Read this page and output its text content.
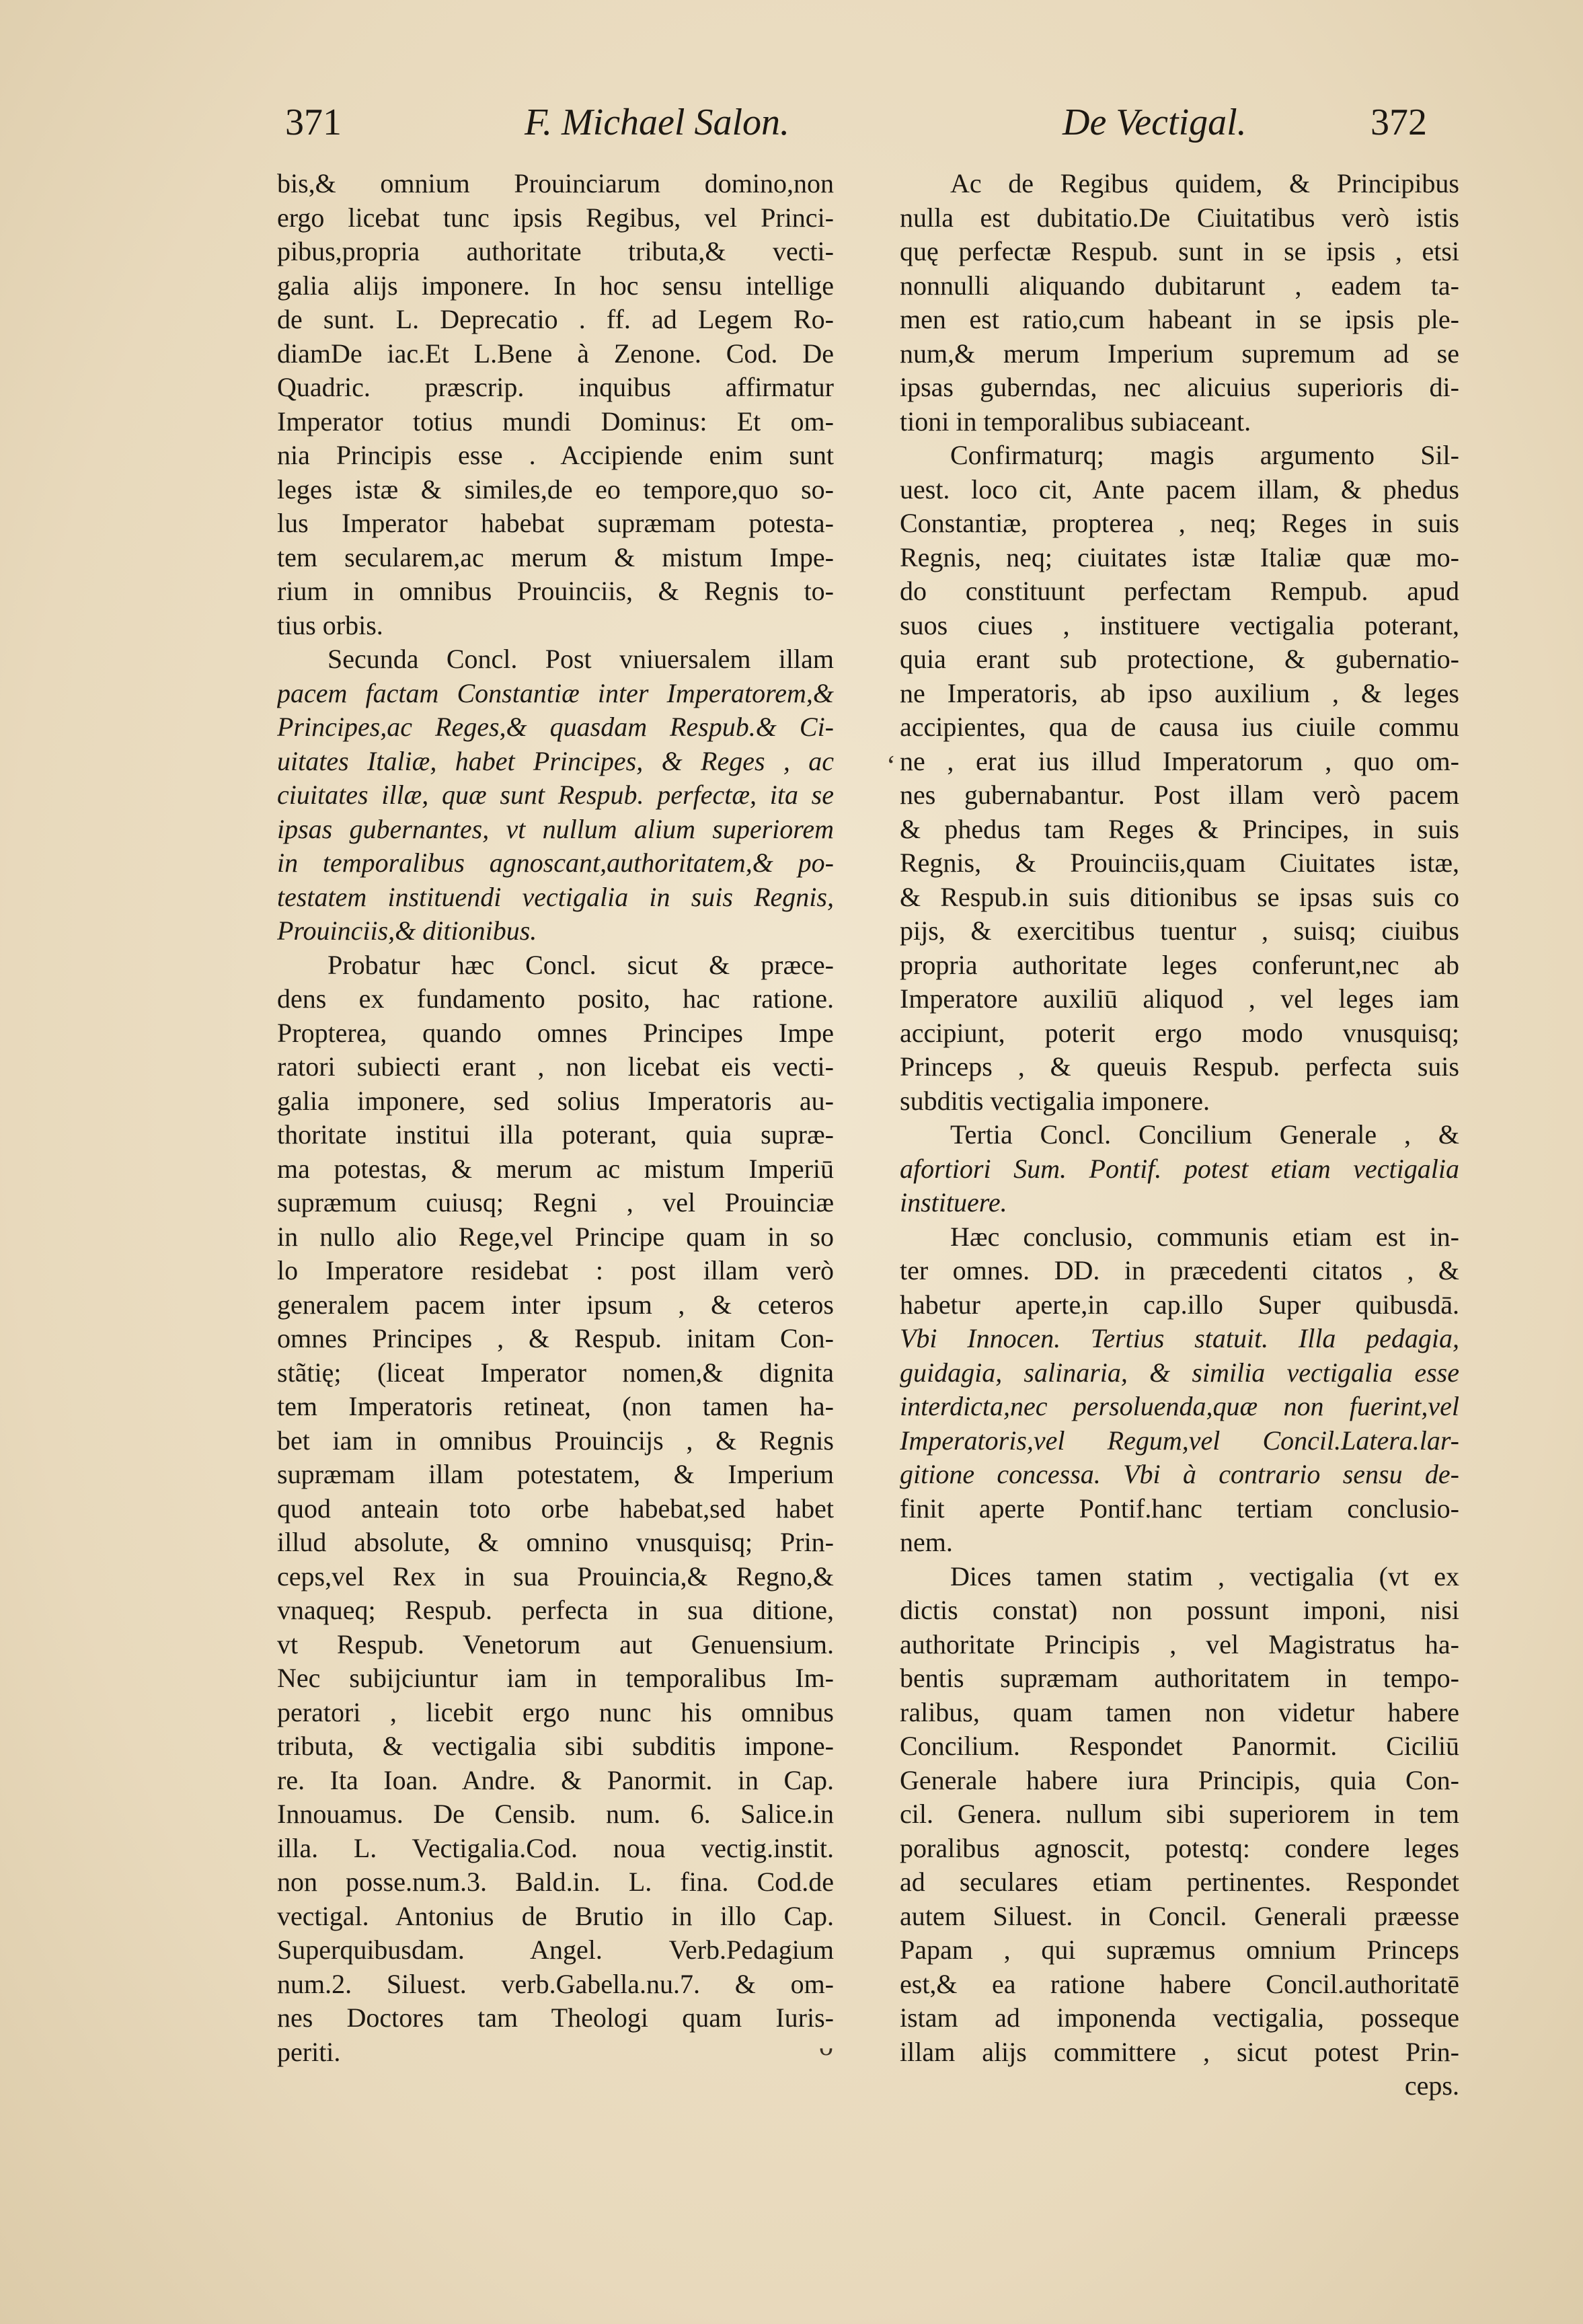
371	F. Michael Salon.	De Vectigal.	372
bis,& omnium Prouinciarum domino,non
ergo licebat tunc ipsis Regibus, vel Princi-
pibus,propria authoritate tributa,& vecti-
galia alijs imponere. In hoc sensu intellige
de sunt. L. Deprecatio . ff. ad Legem Ro-
diamDe iac.Et L.Bene à Zenone. Cod. De
Quadric. præscrip. inquibus affirmatur
Imperator totius mundi Dominus: Et om-
nia Principis esse . Accipiende enim sunt
leges istæ & similes,de eo tempore,quo so-
lus Imperator habebat supræmam potesta-
tem secularem,ac merum & mistum Impe-
rium in omnibus Prouinciis, & Regnis to-
tius orbis.
Secunda Concl. Post vniuersalem illam
pacem factam Constantiæ inter Imperatorem,&
Principes,ac Reges,& quasdam Respub.& Ci-
uitates Italiæ, habet Principes, & Reges , ac
ciuitates illæ, quæ sunt Respub. perfectæ, ita se
ipsas gubernantes, vt nullum alium superiorem
in temporalibus agnoscant,authoritatem,& po-
testatem instituendi vectigalia in suis Regnis,
Prouinciis,& ditionibus.
Probatur hæc Concl. sicut & præce-
dens ex fundamento posito, hac ratione.
Propterea, quando omnes Principes Impe
ratori subiecti erant , non licebat eis vecti-
galia imponere, sed solius Imperatoris au-
thoritate institui illa poterant, quia supræ-
ma potestas, & merum ac mistum Imperiū
supræmum cuiusq; Regni , vel Prouinciæ
in nullo alio Rege,vel Principe quam in so
lo Imperatore residebat : post illam verò
generalem pacem inter ipsum , & ceteros
omnes Principes , & Respub. initam Con-
stãtię; (liceat Imperator nomen,& dignita
tem Imperatoris retineat, (non tamen ha-
bet iam in omnibus Prouincijs , & Regnis
supræmam illam potestatem, & Imperium
quod anteain toto orbe habebat,sed habet
illud absolute, & omnino vnusquisq; Prin-
ceps,vel Rex in sua Prouincia,& Regno,&
vnaqueq; Respub. perfecta in sua ditione,
vt Respub. Venetorum aut Genuensium.
Nec subijciuntur iam in temporalibus Im-
peratori , licebit ergo nunc his omnibus
tributa, & vectigalia sibi subditis impone-
re. Ita Ioan. Andre. & Panormit. in Cap.
Innouamus. De Censib. num. 6. Salice.in
illa. L. Vectigalia.Cod. noua vectig.instit.
non posse.num.3. Bald.in. L. fina. Cod.de
vectigal. Antonius de Brutio in illo Cap.
Superquibusdam. Angel. Verb.Pedagium
num.2. Siluest. verb.Gabella.nu.7. & om-
nes Doctores tam Theologi quam Iuris-
periti.
Ac de Regibus quidem, & Principibus
nulla est dubitatio.De Ciuitatibus verò istis
quę perfectæ Respub. sunt in se ipsis , etsi
nonnulli aliquando dubitarunt , eadem ta-
men est ratio,cum habeant in se ipsis ple-
num,& merum Imperium supremum ad se
ipsas guberndas, nec alicuius superioris di-
tioni in temporalibus subiaceant.
Confirmaturq; magis argumento Sil-
uest. loco cit, Ante pacem illam, & phedus
Constantiæ, propterea , neq; Reges in suis
Regnis, neq; ciuitates istæ Italiæ quæ mo-
do constituunt perfectam Rempub. apud
suos ciues , instituere vectigalia poterant,
quia erant sub protectione, & gubernatio-
ne Imperatoris, ab ipso auxilium , & leges
accipientes, qua de causa ius ciuile commu
ne , erat ius illud Imperatorum , quo om-
nes gubernabantur. Post illam verò pacem
& phedus tam Reges & Principes, in suis
Regnis, & Prouinciis,quam Ciuitates istæ,
& Respub.in suis ditionibus se ipsas suis co
pijs, & exercitibus tuentur , suisq; ciuibus
propria authoritate leges conferunt,nec ab
Imperatore auxiliū aliquod , vel leges iam
accipiunt, poterit ergo modo vnusquisq;
Princeps , & queuis Respub. perfecta suis
subditis vectigalia imponere.
Tertia Concl. Concilium Generale , &
afortiori Sum. Pontif. potest etiam vectigalia
instituere.
Hæc conclusio, communis etiam est in-
ter omnes. DD. in præcedenti citatos , &
habetur aperte,in cap.illo Super quibusdā.
Vbi Innocen. Tertius statuit. Illa pedagia,
guidagia, salinaria, & similia vectigalia esse
interdicta,nec persoluenda,quæ non fuerint,vel
Imperatoris,vel Regum,vel Concil.Latera.lar-
gitione concessa. Vbi à contrario sensu de-
finit aperte Pontif.hanc tertiam conclusio-
nem.
Dices tamen statim , vectigalia (vt ex
dictis constat) non possunt imponi, nisi
authoritate Principis , vel Magistratus ha-
bentis supræmam authoritatem in tempo-
ralibus, quam tamen non videtur habere
Concilium. Respondet Panormit. Ciciliū
Generale habere iura Principis, quia Con-
cil. Genera. nullum sibi superiorem in tem
poralibus agnoscit, potestq: condere leges
ad seculares etiam pertinentes. Respondet
autem Siluest. in Concil. Generali præesse
Papam , qui supræmus omnium Princeps
est,& ea ratione habere Concil.authoritatē
istam ad imponenda vectigalia, posseque
illam alijs committere , sicut potest Prin-
ceps.
ᴗ
‘
